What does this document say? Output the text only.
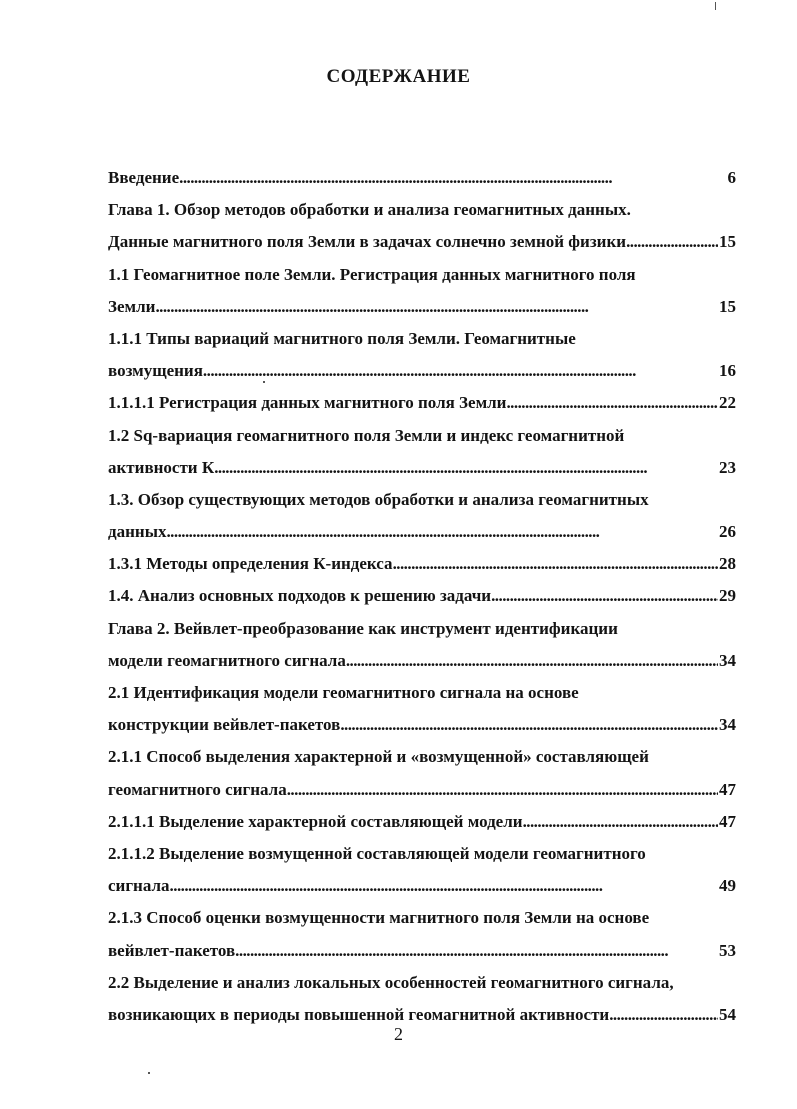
СОДЕРЖАНИЕ
Введение . . .	6
Глава 1. Обзор методов обработки и анализа геомагнитных данных.
Данные магнитного поля Земли в задачах солнечно земной физики . . .	15
1.1 Геомагнитное поле Земли. Регистрация данных магнитного поля
Земли . . .	15
1.1.1 Типы вариаций магнитного поля Земли. Геомагнитные
возмущения . . .	16
1.1.1.1 Регистрация данных магнитного поля Земли . . .	22
1.2 Sq-вариация геомагнитного поля Земли и индекс геомагнитной
активности К . . .	23
1.3. Обзор существующих методов обработки и анализа геомагнитных
данных . . .	26
1.3.1 Методы определения К-индекса . . .	28
1.4. Анализ основных подходов к решению задачи . . .	29
Глава 2. Вейвлет-преобразование как инструмент идентификации
модели геомагнитного сигнала . . .	34
2.1 Идентификация модели геомагнитного сигнала на основе
конструкции вейвлет-пакетов . . .	34
2.1.1 Способ выделения характерной и «возмущенной» составляющей
геомагнитного сигнала . . .	47
2.1.1.1 Выделение характерной составляющей модели . . .	47
2.1.1.2 Выделение возмущенной составляющей модели геомагнитного
сигнала . . .	49
2.1.3 Способ оценки возмущенности магнитного поля Земли на основе
вейвлет-пакетов . . .	53
2.2 Выделение и анализ локальных особенностей геомагнитного сигнала,
возникающих в периоды повышенной геомагнитной активности . . .	54
2
